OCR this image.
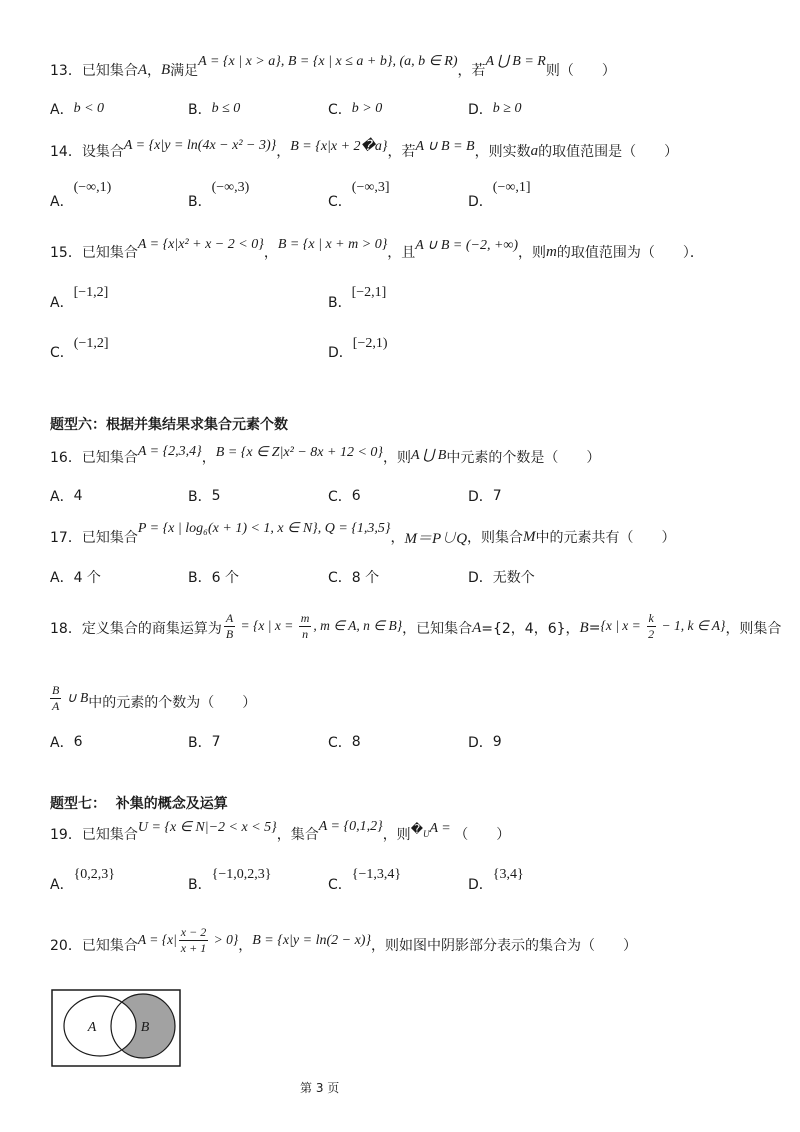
13． 已知集合 A ， B 满足
A = {x | x > a}, B = {x | x ≤ a + b}, (a, b ∈ R)
，若
A ⋃ B = R
则（　　）
A． b < 0	B． b ≤ 0	C． b > 0	D． b ≥ 0
14． 设集合 A = {x|y = ln(4x − x² − 3)} ， B = {x|x + 2�a} ，若 A ∪ B = B ，则实数 a 的取值范围是（　　）
A．
(−∞,1)
B．
(−∞,3)
C．
(−∞,3]
D．
(−∞,1]
15． 已知集合
A = {x|x² + x − 2 < 0}
，
B = {x | x + m > 0}
，且 A ∪ B = (−2, +∞) ，则 m 的取值范围为（　　）．
A．
[−1,2]
B．
[−2,1]
C．
(−1,2]
D．
[−2,1)
题型六：根据并集结果求集合元素个数
16． 已知集合 A = {2,3,4} ， B = {x ∈ Z|x² − 8x + 12 < 0} ，则 A ⋃ B 中元素的个数是（　　）
A． 4	B． 5	C． 6	D． 7
17． 已知集合
P = {x | log₆(x + 1) < 1, x ∈ N}, Q = {1,3,5}
， M＝P∪Q ，则集合 M 中的元素共有（　　）
A． 4 个	B． 6 个	C． 8 个	D． 无数个
18． 定义集合的商集运算为 $\frac{A}{B} = \{x$ | $x = \frac{m}{n}$ , m ∈ A, n ∈ B} ，已知集合 A ={2，4，6}， B = {x | $x = \frac{k}{2} - 1$, k ∈ A} ，则集合
$\frac{B}{A}$ ∪ B 中的元素的个数为（　　）
A． 6	B． 7	C． 8	D． 9
题型七：  补集的概念及运算
19． 已知集合 U = {x ∈ N|−2 < x < 5} ，集合
A = {0,1,2}
，则 � U A = （　　）
A．
{0,2,3}
B．
{−1,0,2,3}
C．
{−1,3,4}
D．
{3,4}
20． 已知集合 $A = \{x| \frac{x - 2}{x + 1} > 0\}$ ， B = {x|y = ln(2 − x)} ，则如图中阴影部分表示的集合为（　　）
A	B
第 3 页
